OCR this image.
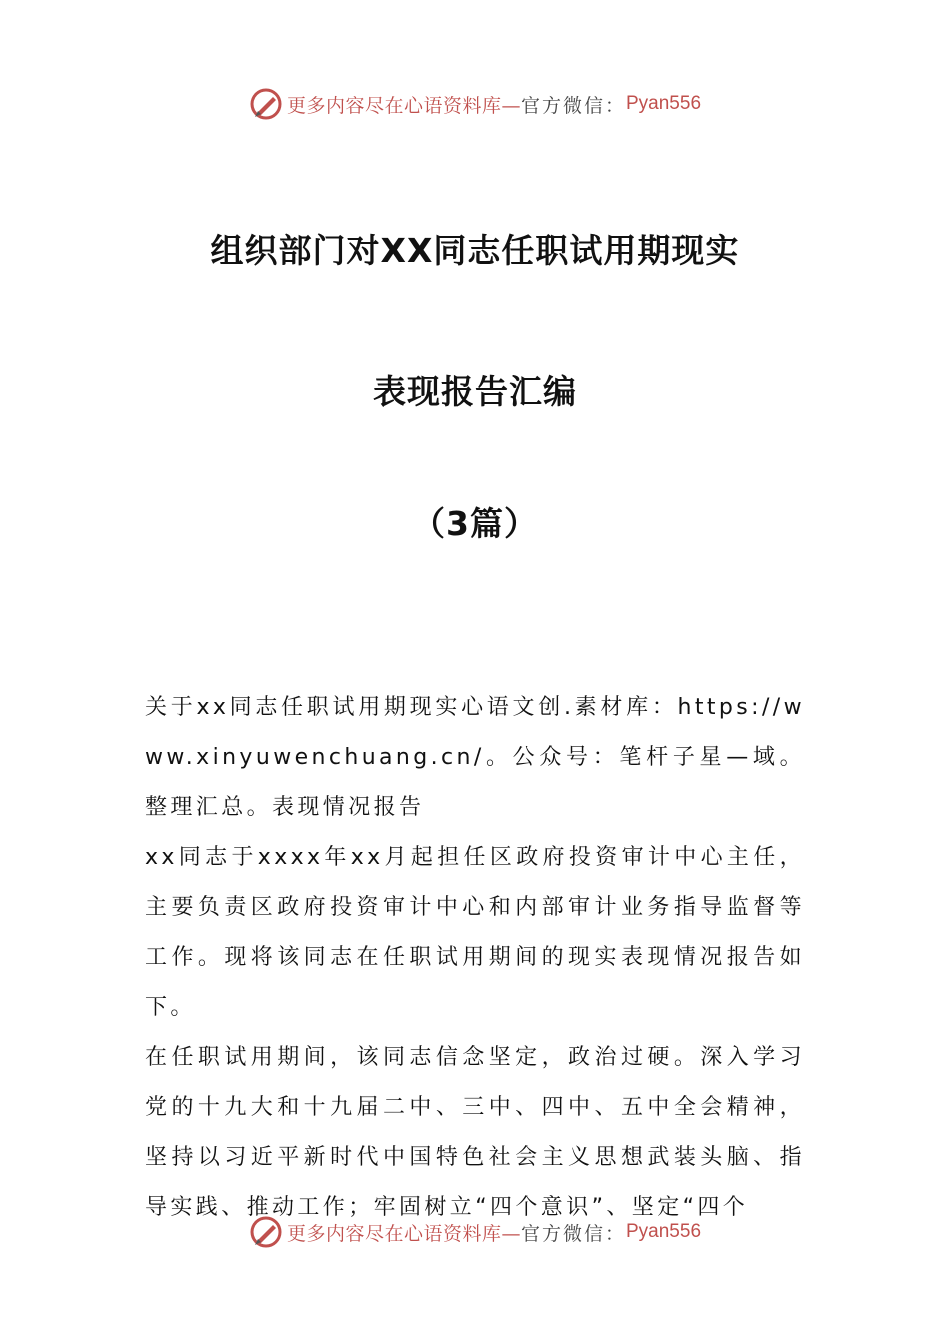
更多内容尽在心语资料库— 官方微信： Pyan556
组织部门对XX同志任职试用期现实
表现报告汇编
（3篇）

关于xx同志任职试用期现实心语文创.素材库：https://www.xinyuwenchuang.cn/。公众号：笔杆子星—域。整理汇总。表现情况报告

xx同志于xxxx年xx月起担任区政府投资审计中心主任，主要负责区政府投资审计中心和内部审计业务指导监督等工作。现将该同志在任职试用期间的现实表现情况报告如下。

在任职试用期间，该同志信念坚定，政治过硬。深入学习党的十九大和十九届二中、三中、四中、五中全会精神，坚持以习近平新时代中国特色社会主义思想武装头脑、指导实践、推动工作；牢固树立“四个意识”、坚定“四个

更多内容尽在心语资料库— 官方微信： Pyan556
